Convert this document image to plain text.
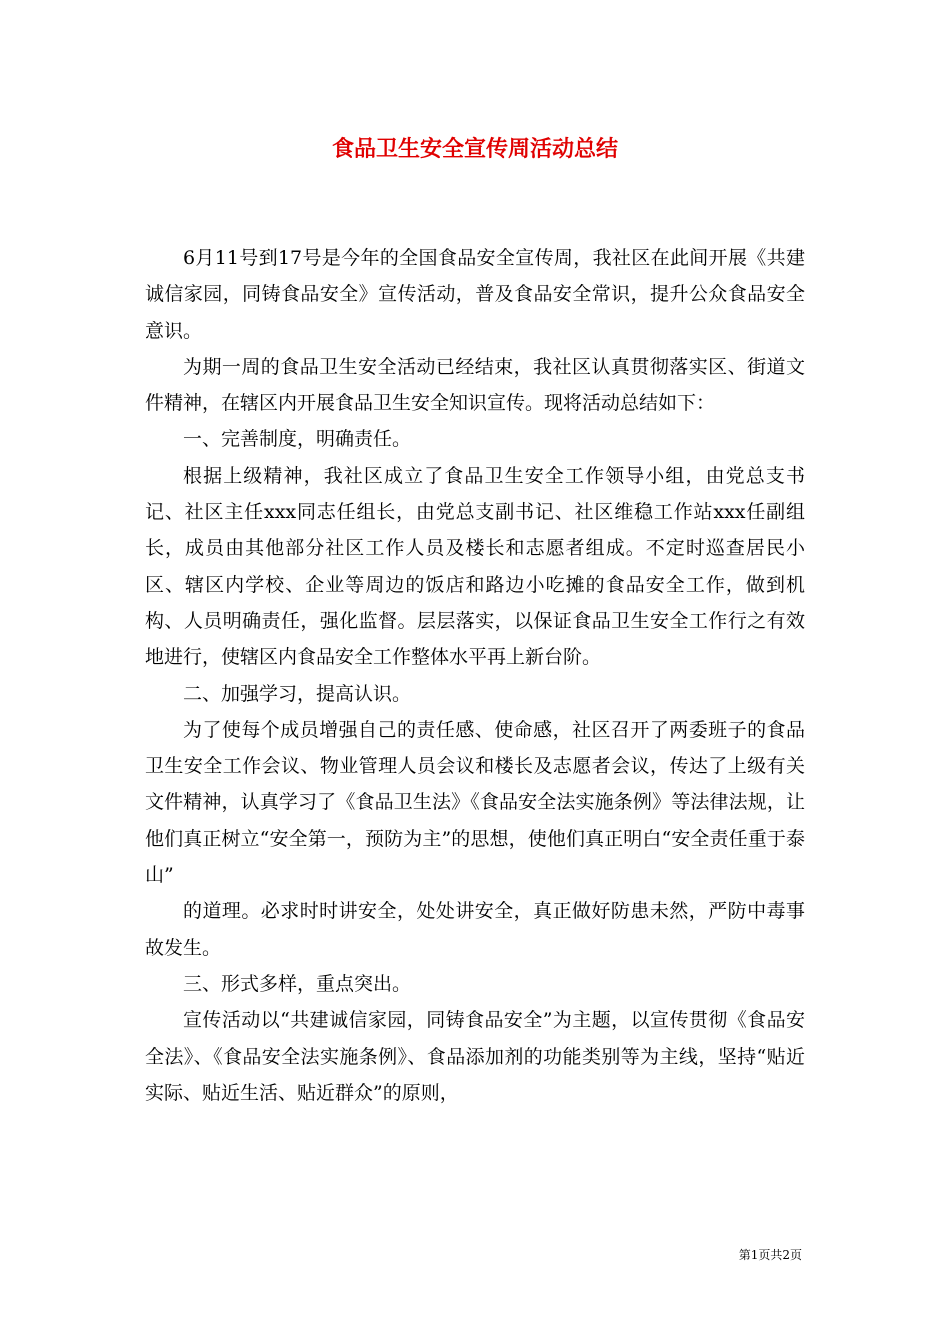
食品卫生安全宣传周活动总结

6月11号到17号是今年的全国食品安全宣传周，我社区在此间开展《共建诚信家园，同铸食品安全》宣传活动，普及食品安全常识，提升公众食品安全意识。

为期一周的食品卫生安全活动已经结束，我社区认真贯彻落实区、街道文件精神，在辖区内开展食品卫生安全知识宣传。现将活动总结如下：

一、完善制度，明确责任。

根据上级精神，我社区成立了食品卫生安全工作领导小组，由党总支书记、社区主任xxx同志任组长，由党总支副书记、社区维稳工作站xxx任副组长，成员由其他部分社区工作人员及楼长和志愿者组成。不定时巡查居民小区、辖区内学校、企业等周边的饭店和路边小吃摊的食品安全工作，做到机构、人员明确责任，强化监督。层层落实，以保证食品卫生安全工作行之有效地进行，使辖区内食品安全工作整体水平再上新台阶。

二、加强学习，提高认识。

为了使每个成员增强自己的责任感、使命感，社区召开了两委班子的食品卫生安全工作会议、物业管理人员会议和楼长及志愿者会议，传达了上级有关文件精神，认真学习了《食品卫生法》《食品安全法实施条例》等法律法规，让他们真正树立“安全第一，预防为主”的思想，使他们真正明白“安全责任重于泰山”

的道理。必求时时讲安全，处处讲安全，真正做好防患未然，严防中毒事故发生。

三、形式多样，重点突出。

宣传活动以“共建诚信家园，同铸食品安全”为主题，以宣传贯彻《食品安全法》、《食品安全法实施条例》、食品添加剂的功能类别等为主线，坚持“贴近实际、贴近生活、贴近群众”的原则，

第1页共2页
